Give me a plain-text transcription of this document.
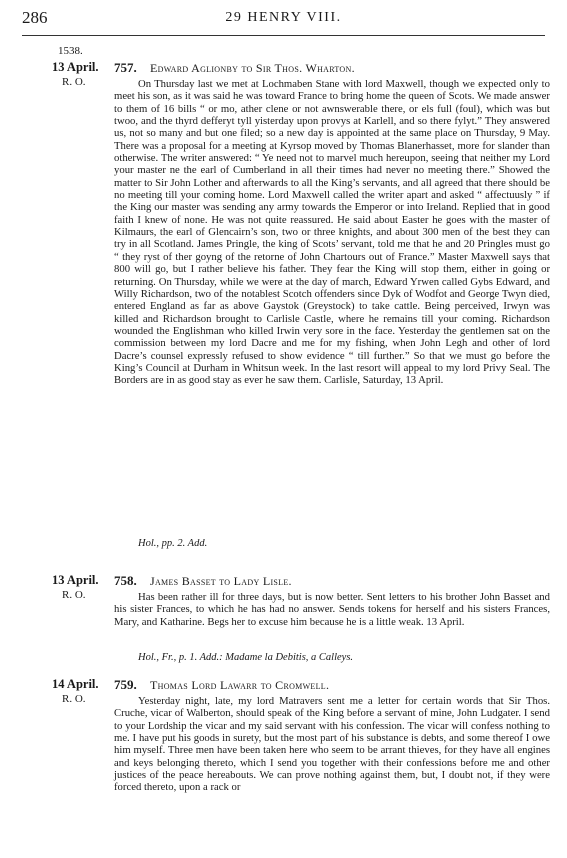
286	29 HENRY VIII.
1538.
13 April.
R. O.
757. Edward Aglionby to Sir Thos. Wharton.
On Thursday last we met at Lochmaben Stane with lord Maxwell, though we expected only to meet his son, as it was said he was toward France to bring home the queen of Scots. We made answer to them of 16 bills “ or mo, ather clene or not awnswerable there, or els full (foul), which was but twoo, and the thyrd defferyt tyll yisterday upon provys at Karlell, and so there fylyt.” They answered us, not so many and but one filed; so a new day is appointed at the same place on Thursday, 9 May. There was a proposal for a meeting at Kyrsop moved by Thomas Blanerhasset, more for slander than otherwise. The writer answered: “ Ye need not to marvel much hereupon, seeing that neither my Lord your master ne the earl of Cumberland in all their times had never no meeting there.” Showed the matter to Sir John Lother and afterwards to all the King’s servants, and all agreed that there should be no meeting till your coming home. Lord Maxwell called the writer apart and asked “ affectuusly ” if the King our master was sending any army towards the Emperor or into Ireland. Replied that in good faith I knew of none. He was not quite reassured. He said about Easter he goes with the master of Kilmaurs, the earl of Glencairn’s son, two or three knights, and about 300 men of the best they can try in all Scotland. James Pringle, the king of Scots’ servant, told me that he and 20 Pringles must go “ they ryst of ther goyng of the retorne of John Chartours out of France.” Master Maxwell says that 800 will go, but I rather believe his father. They fear the King will stop them, either in going or returning. On Thursday, while we were at the day of march, Edward Yrwen called Gybs Edward, and Willy Richardson, two of the notablest Scotch offenders since Dyk of Wodfot and George Twyn died, entered England as far as above Gaystok (Greystock) to take cattle. Being perceived, Irwyn was killed and Richardson brought to Carlisle Castle, where he remains till your coming. Richardson wounded the Englishman who killed Irwin very sore in the face. Yesterday the gentlemen sat on the commission between my lord Dacre and me for my fishing, when John Legh and other of lord Dacre’s counsel expressly refused to show evidence “ till further.” So that we must go before the King’s Council at Durham in Whitsun week. In the last resort will appeal to my lord Privy Seal. The Borders are in as good stay as ever he saw them. Carlisle, Saturday, 13 April.
Hol., pp. 2. Add.
13 April.
R. O.
758. James Basset to Lady Lisle.
Has been rather ill for three days, but is now better. Sent letters to his brother John Basset and his sister Frances, to which he has had no answer. Sends tokens for herself and his sisters Frances, Mary, and Katharine. Begs her to excuse him because he is a little weak. 13 April.
Hol., Fr., p. 1. Add.: Madame la Debitis, a Calleys.
14 April.
R. O.
759. Thomas Lord Lawarr to Cromwell.
Yesterday night, late, my lord Matravers sent me a letter for certain words that Sir Thos. Cruche, vicar of Walberton, should speak of the King before a servant of mine, John Ludgater. I send to your Lordship the vicar and my said servant with his confession. The vicar will confess nothing to me. I have put his goods in surety, but the most part of his substance is debts, and some thereof I owe him myself. Three men have been taken here who seem to be arrant thieves, for they have all engines and keys belonging thereto, which I send you together with their confessions before me and other justices of the peace hereabouts. We can prove nothing against them, but, I doubt not, if they were forced thereto, upon a rack or
